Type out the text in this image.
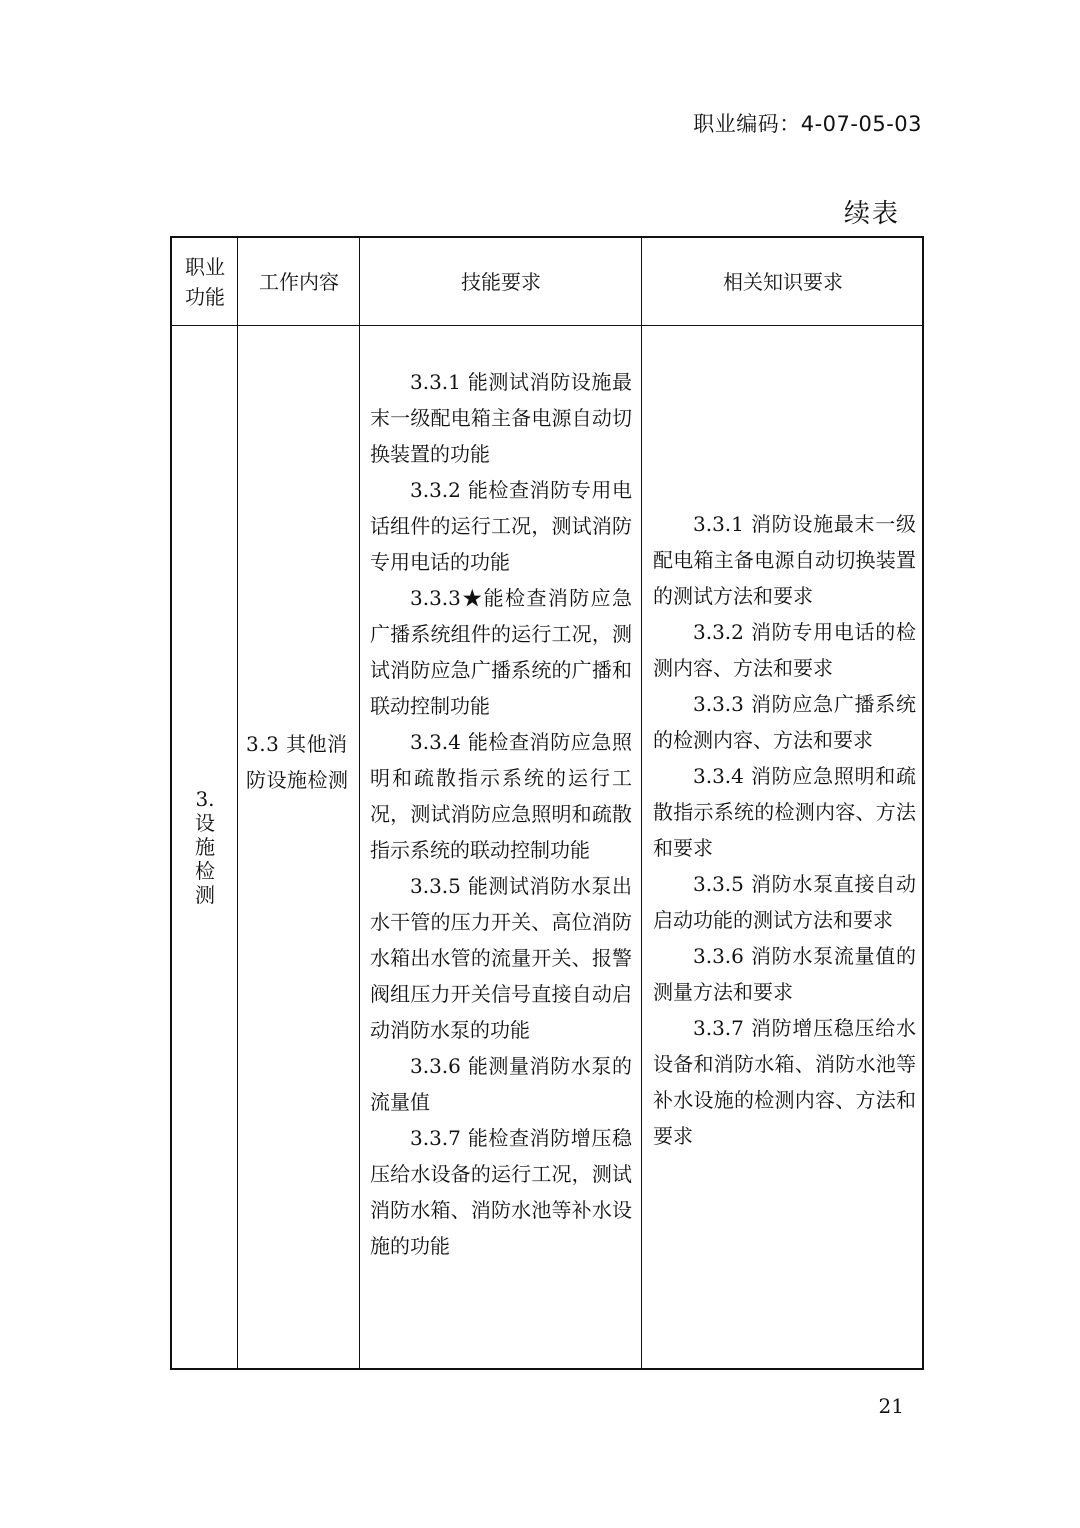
职业编码：4-07-05-03
续表
职业功能
工作内容	技能要求	相关知识要求
3.设施检测
3.3 其他消防设施检测

3.3.1 能测试消防设施最末一级配电箱主备电源自动切换装置的功能

3.3.2 能检查消防专用电话组件的运行工况，测试消防专用电话的功能

3.3.3★能检查消防应急广播系统组件的运行工况，测试消防应急广播系统的广播和联动控制功能

3.3.4 能检查消防应急照明和疏散指示系统的运行工况，测试消防应急照明和疏散指示系统的联动控制功能

3.3.5 能测试消防水泵出水干管的压力开关、高位消防水箱出水管的流量开关、报警阀组压力开关信号直接自动启动消防水泵的功能

3.3.6 能测量消防水泵的流量值

3.3.7 能检查消防增压稳压给水设备的运行工况，测试消防水箱、消防水池等补水设施的功能

3.3.1 消防设施最末一级配电箱主备电源自动切换装置的测试方法和要求

3.3.2 消防专用电话的检测内容、方法和要求

3.3.3 消防应急广播系统的检测内容、方法和要求

3.3.4 消防应急照明和疏散指示系统的检测内容、方法和要求

3.3.5 消防水泵直接自动启动功能的测试方法和要求

3.3.6 消防水泵流量值的测量方法和要求

3.3.7 消防增压稳压给水设备和消防水箱、消防水池等补水设施的检测内容、方法和要求

21
